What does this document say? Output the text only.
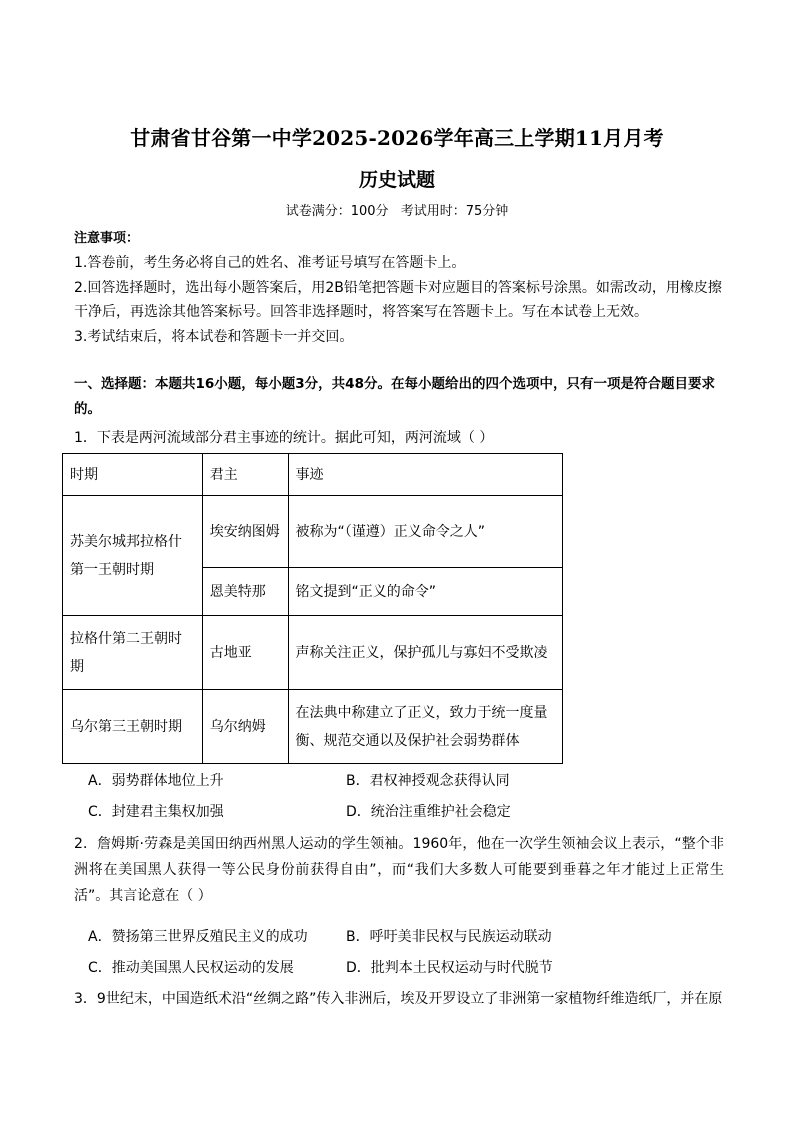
甘肃省甘谷第一中学2025-2026学年高三上学期11月月考
历史试题
试卷满分：100分 考试用时：75分钟
注意事项：
1.答卷前，考生务必将自己的姓名、准考证号填写在答题卡上。
2.回答选择题时，选出每小题答案后，用2B铅笔把答题卡对应题目的答案标号涂黑。如需改动，用橡皮擦干净后，再选涂其他答案标号。回答非选择题时，将答案写在答题卡上。写在本试卷上无效。
3.考试结束后，将本试卷和答题卡一并交回。
一、选择题：本题共16小题，每小题3分，共48分。在每小题给出的四个选项中，只有一项是符合题目要求的。
1．下表是两河流域部分君主事迹的统计。据此可知，两河流域（ ）
时期	君主	事迹
苏美尔城邦拉格什第一王朝时期	埃安纳图姆	被称为“（谨遵）正义命令之人”
	恩美特那	铭文提到“正义的命令”
拉格什第二王朝时期	古地亚	声称关注正义，保护孤儿与寡妇不受欺凌
乌尔第三王朝时期	乌尔纳姆	在法典中称建立了正义，致力于统一度量衡、规范交通以及保护社会弱势群体
A．弱势群体地位上升	B．君权神授观念获得认同
C．封建君主集权加强	D．统治注重维护社会稳定
2．詹姆斯·劳森是美国田纳西州黑人运动的学生领袖。1960年，他在一次学生领袖会议上表示，“整个非洲将在美国黑人获得一等公民身份前获得自由”，而“我们大多数人可能要到垂暮之年才能过上正常生活”。其言论意在（ ）
A．赞扬第三世界反殖民主义的成功	B．呼吁美非民权与民族运动联动
C．推动美国黑人民权运动的发展	D．批判本土民权运动与时代脱节
3．9世纪末，中国造纸术沿“丝绸之路”传入非洲后，埃及开罗设立了非洲第一家植物纤维造纸厂，并在原
